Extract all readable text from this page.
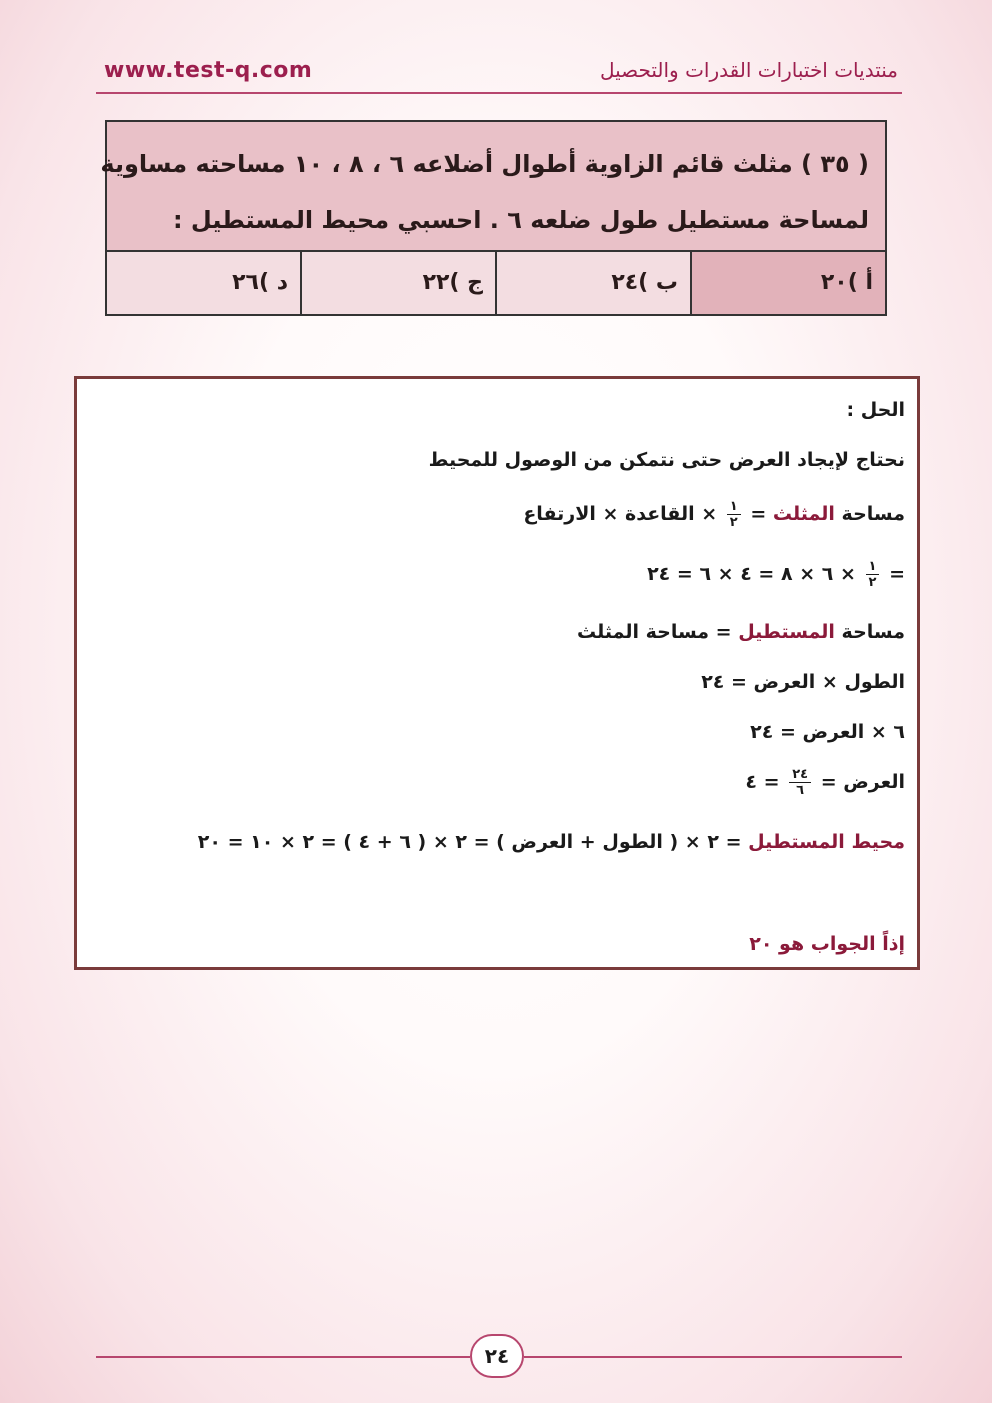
www.test-q.com	منتديات اختبارات القدرات والتحصيل
( ٣٥ ) مثلث قائم الزاوية أطوال أضلاعه ٦ ، ٨ ، ١٠ مساحته مساوية
لمساحة مستطيل طول ضلعه ٦ . احسبي محيط المستطيل :
أ )٢٠
ب )٢٤
ج )٢٢
د )٢٦
الحل :
نحتاج لإيجاد العرض حتى نتمكن من الوصول للمحيط
مساحة المثلث =
$\frac{١}{٢}$
× القاعدة × الارتفاع
=
$\frac{١}{٢}$
× ٦ × ٨ = ٤ × ٦ = ٢٤
مساحة المستطيل = مساحة المثلث
الطول × العرض = ٢٤
٦ × العرض = ٢٤
العرض =
$\frac{٢٤}{٦}$
= ٤
محيط المستطيل = ٢ × ( الطول + العرض ) = ٢ × ( ٦ + ٤ ) = ٢ × ١٠ = ٢٠
إذاً الجواب هو ٢٠
٢٤
